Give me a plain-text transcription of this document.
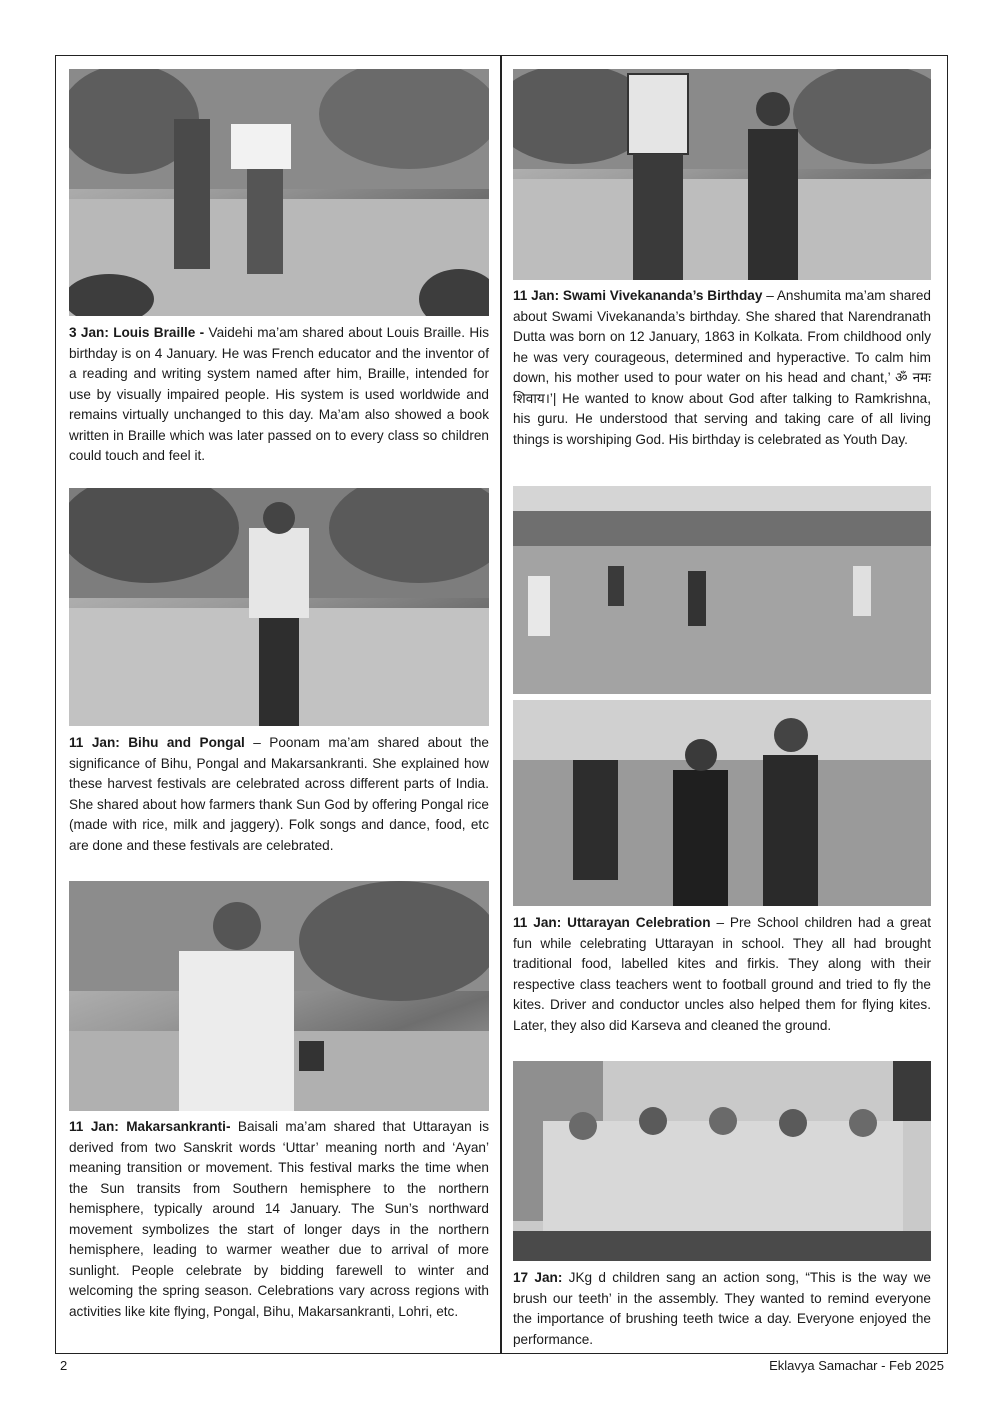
3 Jan: Louis Braille - Vaidehi ma’am shared about Louis Braille. His birthday is on 4 January. He was French educator and the inventor of a reading and writing system named after him, Braille, intended for use by visually impaired people. His system is used worldwide and remains virtually unchanged to this day. Ma’am also showed a book written in Braille which was later passed on to every class so children could touch and feel it.

11 Jan: Bihu and Pongal – Poonam ma’am shared about the significance of Bihu, Pongal and Makarsankranti. She explained how these harvest festivals are celebrated across different parts of India. She shared about how farmers thank Sun God by offering Pongal rice (made with rice, milk and jaggery). Folk songs and dance, food, etc are done and these festivals are celebrated.

11 Jan: Makarsankranti- Baisali ma’am shared that Uttarayan is derived from two Sanskrit words ‘Uttar’ meaning north and ‘Ayan’ meaning transition or movement. This festival marks the time when the Sun transits from Southern hemisphere to the northern hemisphere, typically around 14 January. The Sun’s northward movement symbolizes the start of longer days in the northern hemisphere, leading to warmer weather due to arrival of more sunlight. People celebrate by bidding farewell to winter and welcoming the spring season. Celebrations vary across regions with activities like kite flying, Pongal, Bihu, Makarsankranti, Lohri, etc.

11 Jan: Swami Vivekananda’s Birthday – Anshumita ma’am shared about Swami Vivekananda’s birthday. She shared that Narendranath Dutta was born on 12 January, 1863 in Kolkata. From childhood only he was very courageous, determined and hyperactive. To calm him down, his mother used to pour water on his head and chant,’ ॐ नमः शिवाय।’| He wanted to know about God after talking to Ramkrishna, his guru. He understood that serving and taking care of all living things is worshiping God. His birthday is celebrated as Youth Day.

11 Jan: Uttarayan Celebration – Pre School children had a great fun while celebrating Uttarayan in school. They all had brought traditional food, labelled kites and firkis. They along with their respective class teachers went to football ground and tried to fly the kites. Driver and conductor uncles also helped them for flying kites. Later, they also did Karseva and cleaned the ground.

17 Jan: JKg d children sang an action song, “This is the way we brush our teeth’ in the assembly. They wanted to remind everyone the importance of brushing teeth twice a day. Everyone enjoyed the performance.

2	Eklavya Samachar - Feb 2025
